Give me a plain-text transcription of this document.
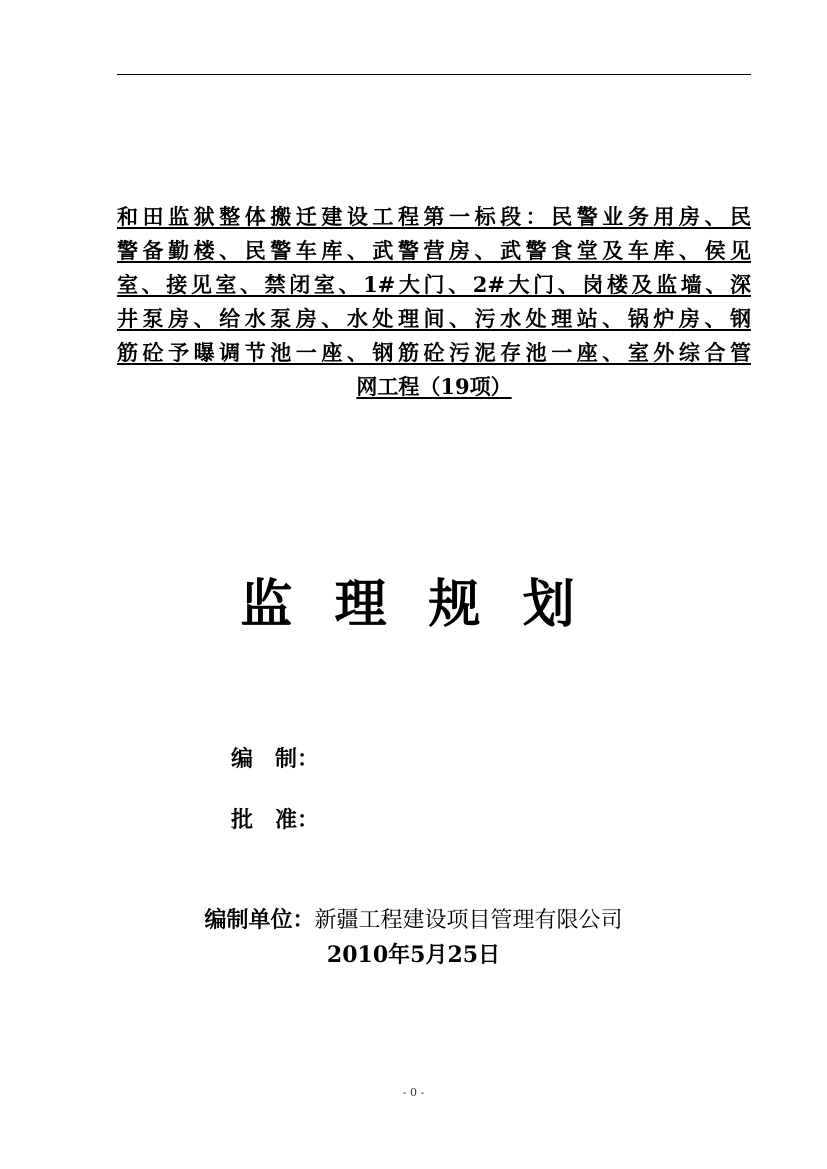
和田监狱整体搬迁建设工程第一标段：民警业务用房、民
警备勤楼、民警车库、武警营房、武警食堂及车库、侯见
室、接见室、禁闭室、1#大门、2#大门、岗楼及监墙、深
井泵房、给水泵房、水处理间、污水处理站、锅炉房、钢
筋砼予曝调节池一座、钢筋砼污泥存池一座、室外综合管
网工程（19项）
监 理 规 划
编　制：
批　准：
编制单位：新疆工程建设项目管理有限公司
2010年5月25日
- 0 -
